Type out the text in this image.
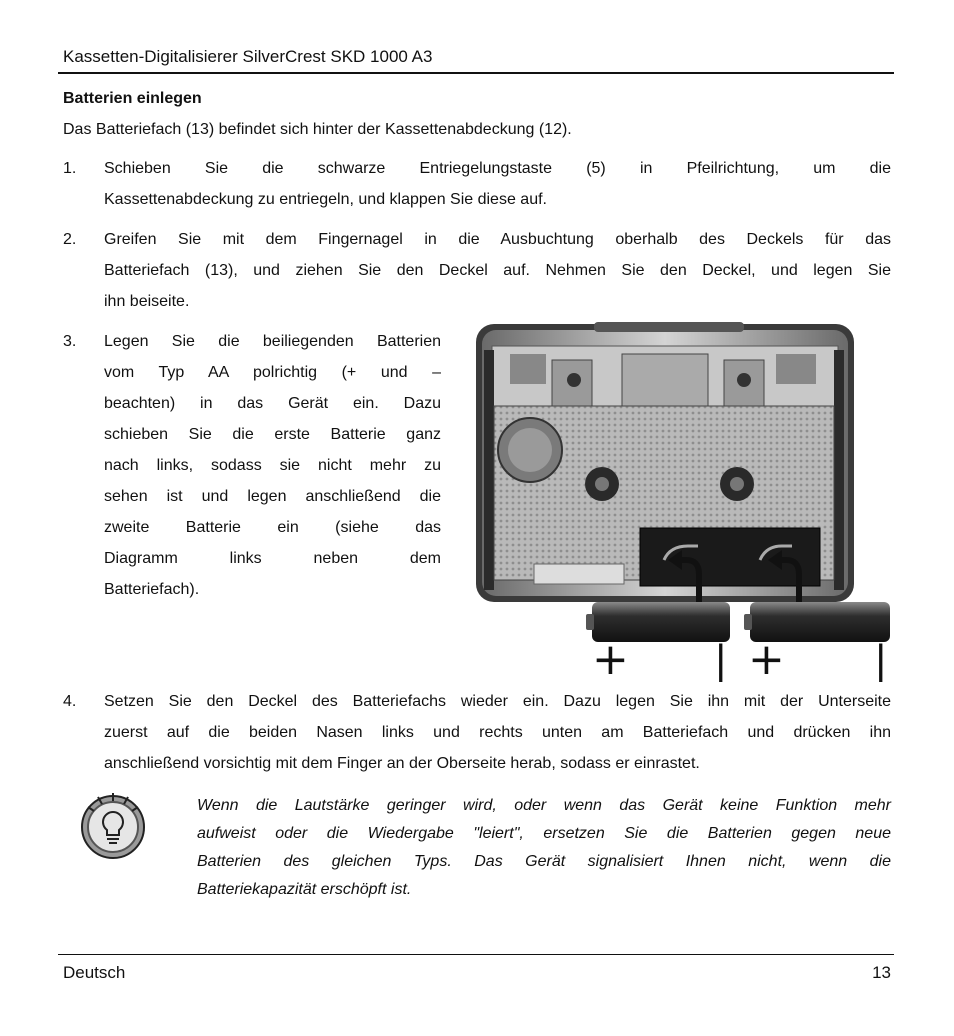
Kassetten-Digitalisierer SilverCrest SKD 1000 A3
Batterien einlegen
Das Batteriefach (13) befindet sich hinter der Kassettenabdeckung (12).
1. Schieben Sie die schwarze Entriegelungstaste (5) in Pfeilrichtung, um die
Kassettenabdeckung zu entriegeln, und klappen Sie diese auf.
2. Greifen Sie mit dem Fingernagel in die Ausbuchtung oberhalb des Deckels für das
Batteriefach (13), und ziehen Sie den Deckel auf. Nehmen Sie den Deckel, und legen Sie
ihn beiseite.
3. Legen Sie die beiliegenden Batterien
vom Typ AA polrichtig (+ und –
beachten) in das Gerät ein. Dazu
schieben Sie die erste Batterie ganz
nach links, sodass sie nicht mehr zu
sehen ist und legen anschließend die
zweite Batterie ein (siehe das
Diagramm links neben dem
Batteriefach).
+ | + |
4. Setzen Sie den Deckel des Batteriefachs wieder ein. Dazu legen Sie ihn mit der Unterseite
zuerst auf die beiden Nasen links und rechts unten am Batteriefach und drücken ihn
anschließend vorsichtig mit dem Finger an der Oberseite herab, sodass er einrastet.
Wenn die Lautstärke geringer wird, oder wenn das Gerät keine Funktion mehr
aufweist oder die Wiedergabe "leiert", ersetzen Sie die Batterien gegen neue
Batterien des gleichen Typs. Das Gerät signalisiert Ihnen nicht, wenn die
Batteriekapazität erschöpft ist.
Deutsch	13
